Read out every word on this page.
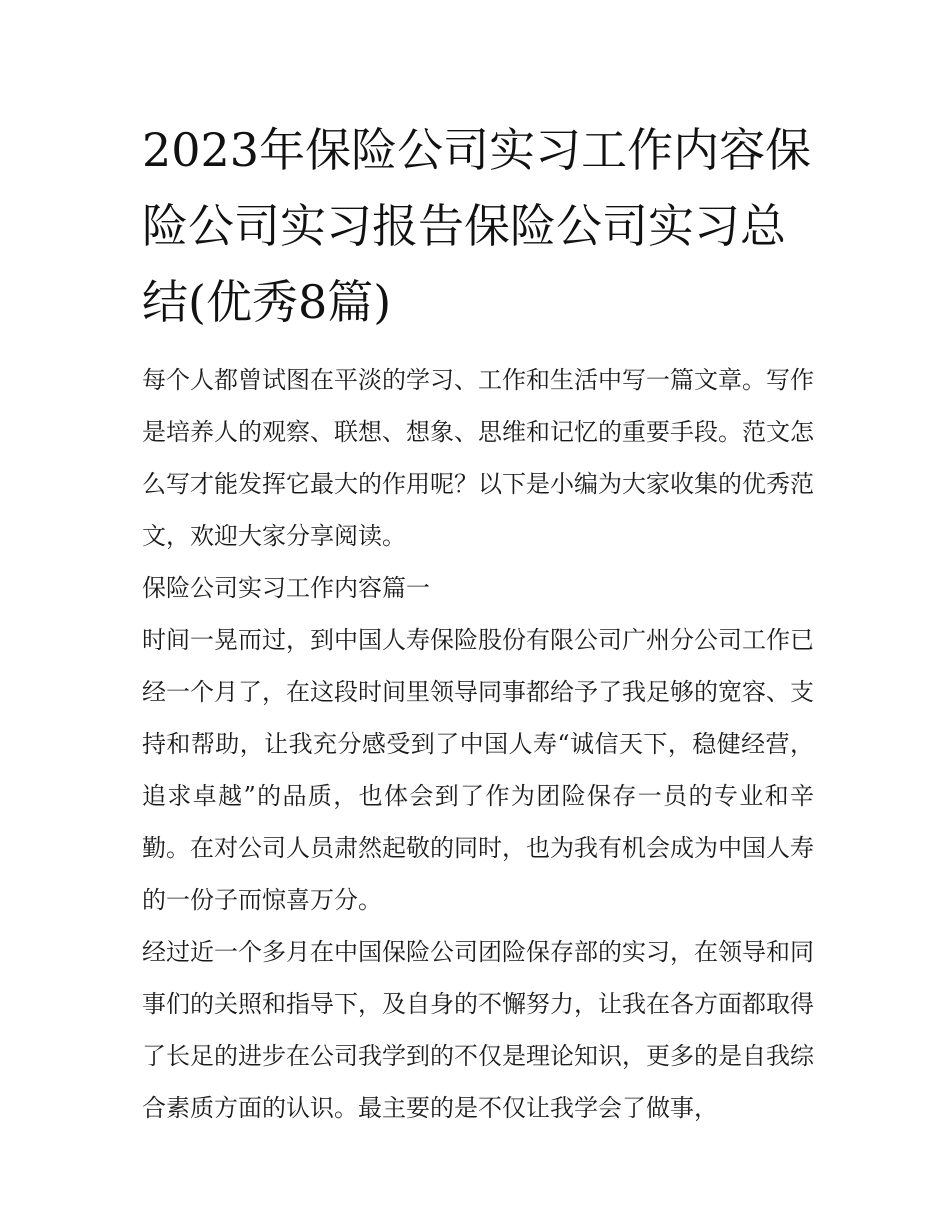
2023年保险公司实习工作内容保险公司实习报告保险公司实习总结(优秀8篇)

每个人都曾试图在平淡的学习、工作和生活中写一篇文章。写作是培养人的观察、联想、想象、思维和记忆的重要手段。范文怎么写才能发挥它最大的作用呢？以下是小编为大家收集的优秀范文，欢迎大家分享阅读。

保险公司实习工作内容篇一

时间一晃而过，到中国人寿保险股份有限公司广州分公司工作已经一个月了，在这段时间里领导同事都给予了我足够的宽容、支持和帮助，让我充分感受到了中国人寿“诚信天下，稳健经营，追求卓越”的品质，也体会到了作为团险保存一员的专业和辛勤。在对公司人员肃然起敬的同时，也为我有机会成为中国人寿的一份子而惊喜万分。

经过近一个多月在中国保险公司团险保存部的实习，在领导和同事们的关照和指导下，及自身的不懈努力，让我在各方面都取得了长足的进步在公司我学到的不仅是理论知识，更多的是自我综合素质方面的认识。最主要的是不仅让我学会了做事，
